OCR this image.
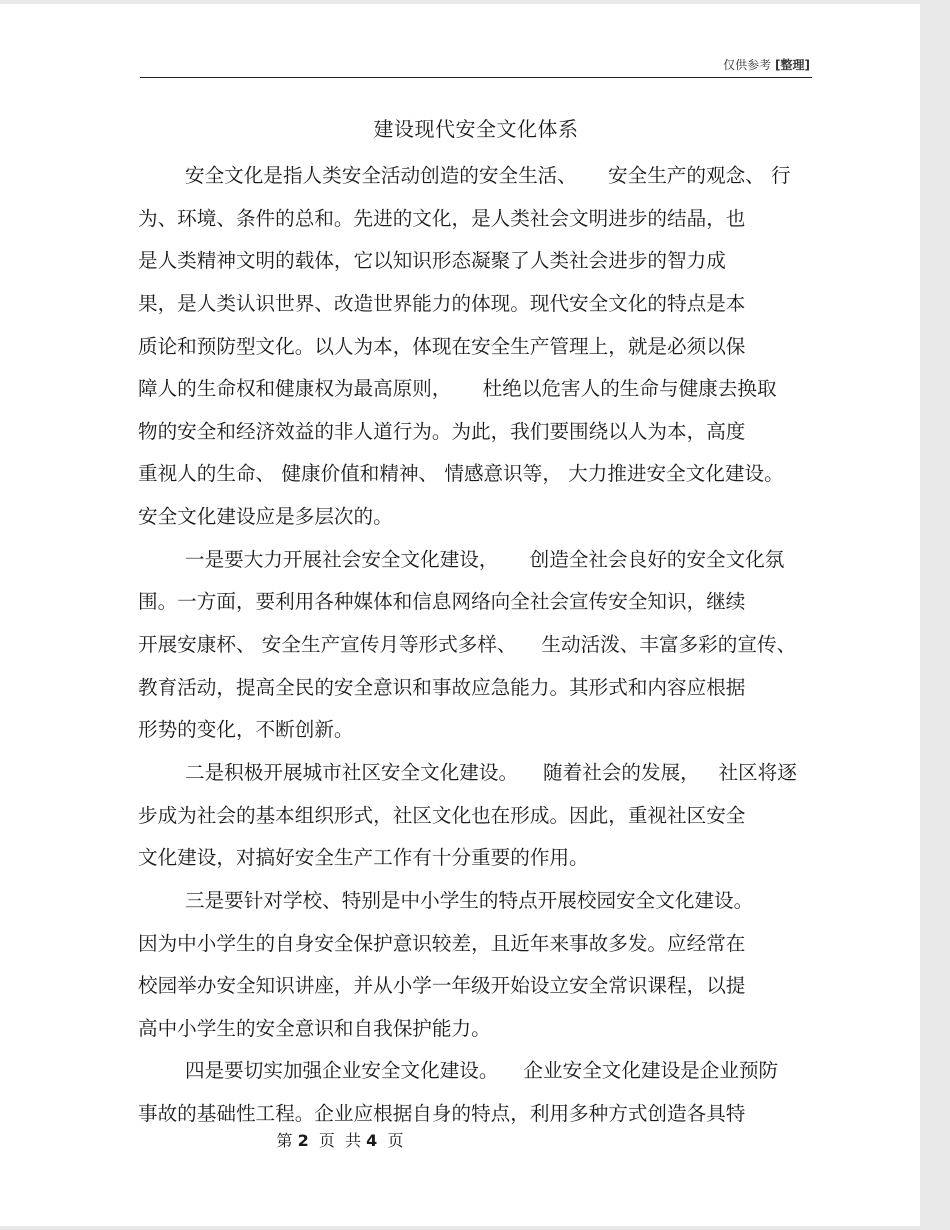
仅供参考 [整理]
建设现代安全文化体系
安全文化是指人类安全活动创造的安全生活、     安全生产的观念、 行
为、环境、条件的总和。先进的文化，是人类社会文明进步的结晶，也
是人类精神文明的载体，它以知识形态凝聚了人类社会进步的智力成
果，是人类认识世界、改造世界能力的体现。现代安全文化的特点是本
质论和预防型文化。以人为本，体现在安全生产管理上，就是必须以保
障人的生命权和健康权为最高原则，     杜绝以危害人的生命与健康去换取
物的安全和经济效益的非人道行为。为此，我们要围绕以人为本，高度
重视人的生命、 健康价值和精神、 情感意识等， 大力推进安全文化建设。
安全文化建设应是多层次的。
一是要大力开展社会安全文化建设，     创造全社会良好的安全文化氛
围。一方面，要利用各种媒体和信息网络向全社会宣传安全知识，继续
开展安康杯、 安全生产宣传月等形式多样、    生动活泼、丰富多彩的宣传、
教育活动，提高全民的安全意识和事故应急能力。其形式和内容应根据
形势的变化，不断创新。
二是积极开展城市社区安全文化建设。    随着社会的发展，   社区将逐
步成为社会的基本组织形式，社区文化也在形成。因此，重视社区安全
文化建设，对搞好安全生产工作有十分重要的作用。
三是要针对学校、特别是中小学生的特点开展校园安全文化建设。
因为中小学生的自身安全保护意识较差，且近年来事故多发。应经常在
校园举办安全知识讲座，并从小学一年级开始设立安全常识课程，以提
高中小学生的安全意识和自我保护能力。
四是要切实加强企业安全文化建设。    企业安全文化建设是企业预防
事故的基础性工程。企业应根据自身的特点，利用多种方式创造各具特
第 2  页  共 4  页
